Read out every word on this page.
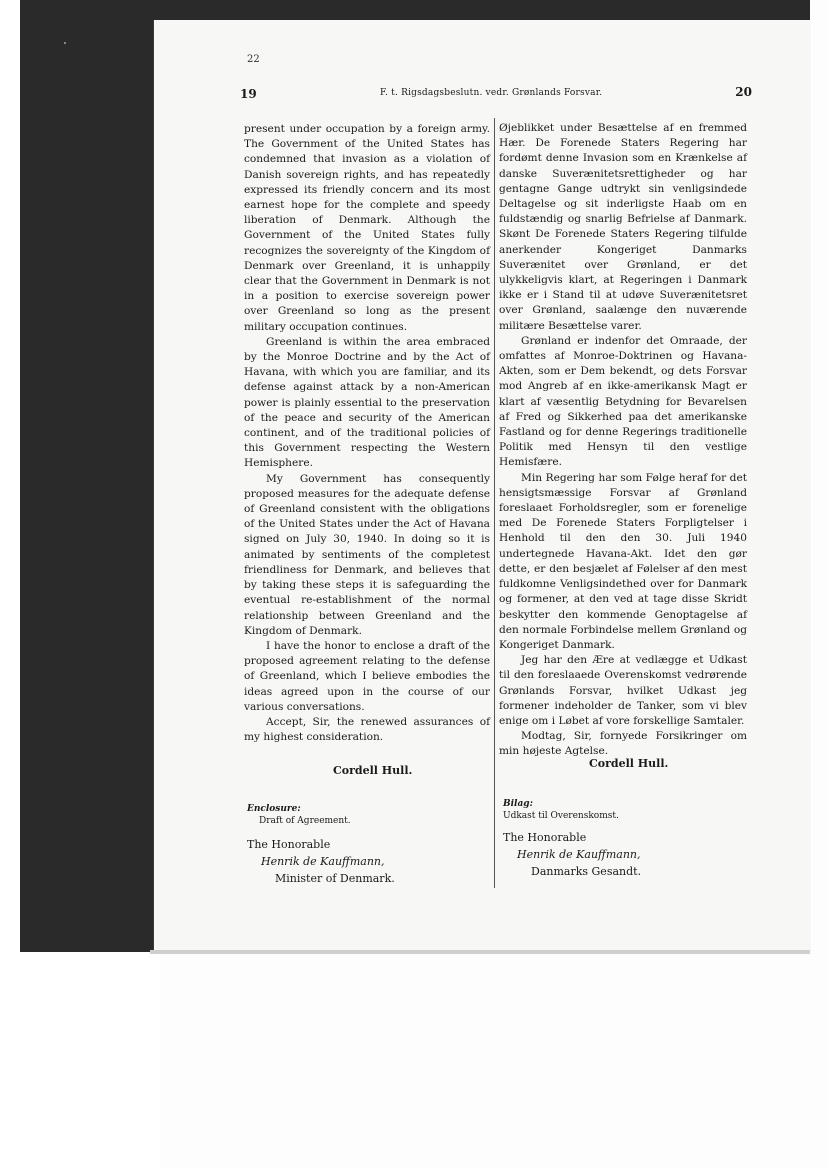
22
19	F. t. Rigsdagsbeslutn. vedr. Grønlands Forsvar.	20

present under occupation by a foreign army. The Government of the United States has condemned that invasion as a violation of Danish sovereign rights, and has repeatedly expressed its friendly concern and its most earnest hope for the complete and speedy liberation of Denmark. Although the Government of the United States fully recognizes the sovereignty of the Kingdom of Denmark over Greenland, it is unhappily clear that the Government in Denmark is not in a position to exercise sovereign power over Greenland so long as the present military occupation continues.

Greenland is within the area embraced by the Monroe Doctrine and by the Act of Havana, with which you are familiar, and its defense against attack by a non-American power is plainly essential to the preservation of the peace and security of the American continent, and of the traditional policies of this Government respecting the Western Hemisphere.

My Government has consequently proposed measures for the adequate defense of Greenland consistent with the obligations of the United States under the Act of Havana signed on July 30, 1940. In doing so it is animated by sentiments of the completest friendliness for Denmark, and believes that by taking these steps it is safeguarding the eventual re-establishment of the normal relationship between Greenland and the Kingdom of Denmark.

I have the honor to enclose a draft of the proposed agreement relating to the defense of Greenland, which I believe embodies the ideas agreed upon in the course of our various conversations.

Accept, Sir, the renewed assurances of my highest consideration.

Øjeblikket under Besættelse af en fremmed Hær. De Forenede Staters Regering har fordømt denne Invasion som en Krænkelse af danske Suverænitetsrettigheder og har gentagne Gange udtrykt sin venligsindede Deltagelse og sit inderligste Haab om en fuldstændig og snarlig Befrielse af Danmark. Skønt De Forenede Staters Regering tilfulde anerkender Kongeriget Danmarks Suverænitet over Grønland, er det ulykkeligvis klart, at Regeringen i Danmark ikke er i Stand til at udøve Suverænitetsret over Grønland, saalænge den nuværende militære Besættelse varer.

Grønland er indenfor det Omraade, der omfattes af Monroe-Doktrinen og Havana-Akten, som er Dem bekendt, og dets Forsvar mod Angreb af en ikke-amerikansk Magt er klart af væsentlig Betydning for Bevarelsen af Fred og Sikkerhed paa det amerikanske Fastland og for denne Regerings traditionelle Politik med Hensyn til den vestlige Hemisfære.

Min Regering har som Følge heraf for det hensigtsmæssige Forsvar af Grønland foreslaaet Forholdsregler, som er forenelige med De Forenede Staters Forpligtelser i Henhold til den den 30. Juli 1940 undertegnede Havana-Akt. Idet den gør dette, er den besjælet af Følelser af den mest fuldkomne Venligsindethed over for Danmark og formener, at den ved at tage disse Skridt beskytter den kommende Genoptagelse af den normale Forbindelse mellem Grønland og Kongeriget Danmark.

Jeg har den Ære at vedlægge et Udkast til den foreslaaede Overenskomst vedrørende Grønlands Forsvar, hvilket Udkast jeg formener indeholder de Tanker, som vi blev enige om i Løbet af vore forskellige Samtaler.

Modtag, Sir, fornyede Forsikringer om min højeste Agtelse.

Cordell Hull.
Cordell Hull.
Enclosure:
Draft of Agreement.
Bilag:
Udkast til Overenskomst.
The Honorable
Henrik de Kauffmann,
Minister of Denmark.
The Honorable
Henrik de Kauffmann,
Danmarks Gesandt.
